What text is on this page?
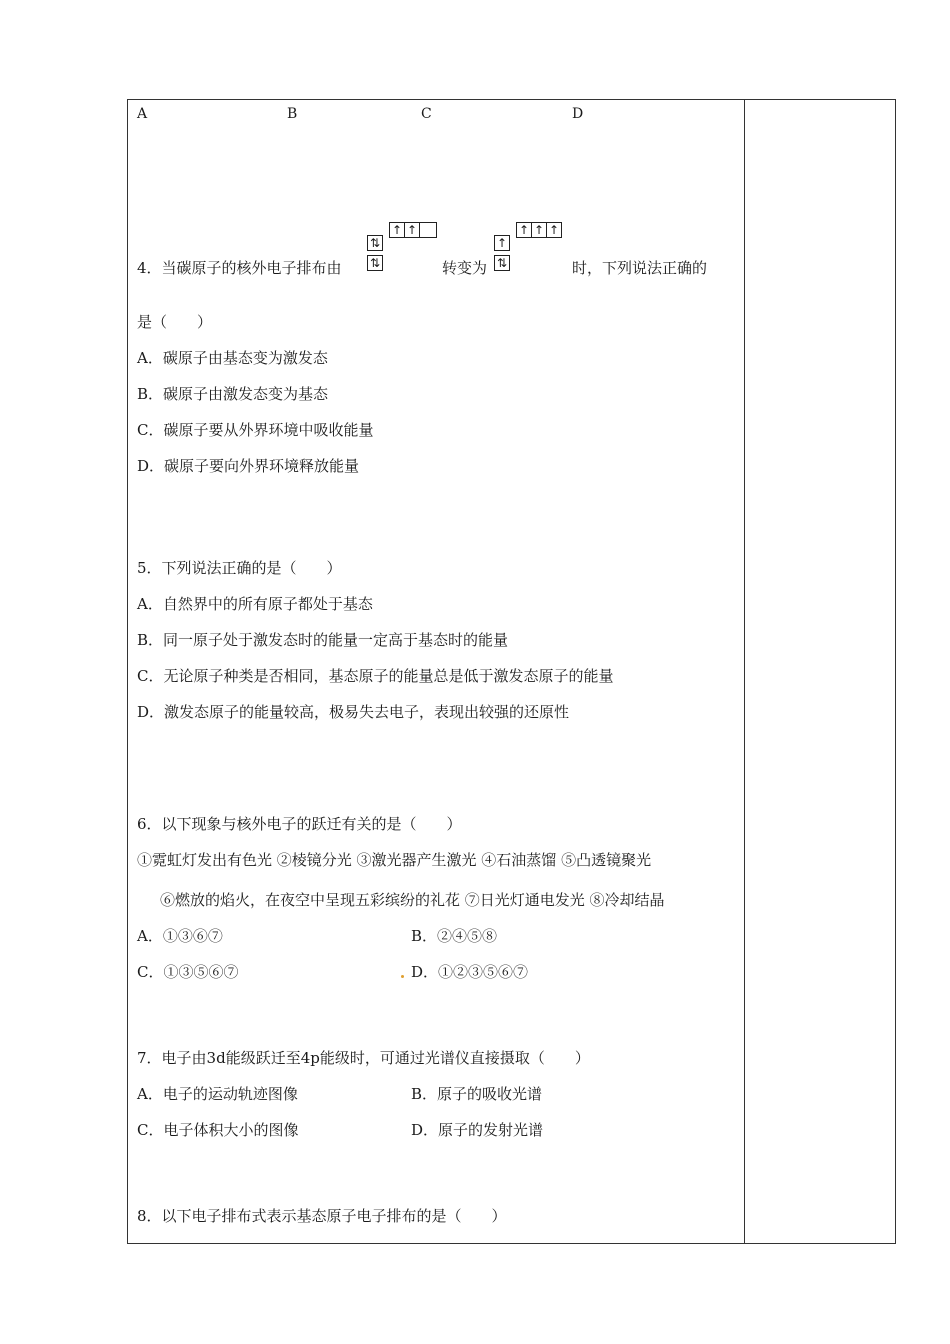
A	B	C	D
⇅
↑ ↑
⇅
↑
↑ ↑ ↑
⇅
4．当碳原子的核外电子排布由	转变为	时，下列说法正确的
是（　　）
A．碳原子由基态变为激发态
B．碳原子由激发态变为基态
C．碳原子要从外界环境中吸收能量
D．碳原子要向外界环境释放能量
5．下列说法正确的是（　　）
A．自然界中的所有原子都处于基态
B．同一原子处于激发态时的能量一定高于基态时的能量
C．无论原子种类是否相同，基态原子的能量总是低于激发态原子的能量
D．激发态原子的能量较高，极易失去电子，表现出较强的还原性
6．以下现象与核外电子的跃迁有关的是（　　）
①霓虹灯发出有色光 ②棱镜分光 ③激光器产生激光 ④石油蒸馏 ⑤凸透镜聚光
⑥燃放的焰火，在夜空中呈现五彩缤纷的礼花 ⑦日光灯通电发光 ⑧冷却结晶
A．①③⑥⑦	B．②④⑤⑧
C．①③⑤⑥⑦	D．①②③⑤⑥⑦
7．电子由3d能级跃迁至4p能级时，可通过光谱仪直接摄取（　　）
A．电子的运动轨迹图像	B．原子的吸收光谱
C．电子体积大小的图像	D．原子的发射光谱
8．以下电子排布式表示基态原子电子排布的是（　　）
